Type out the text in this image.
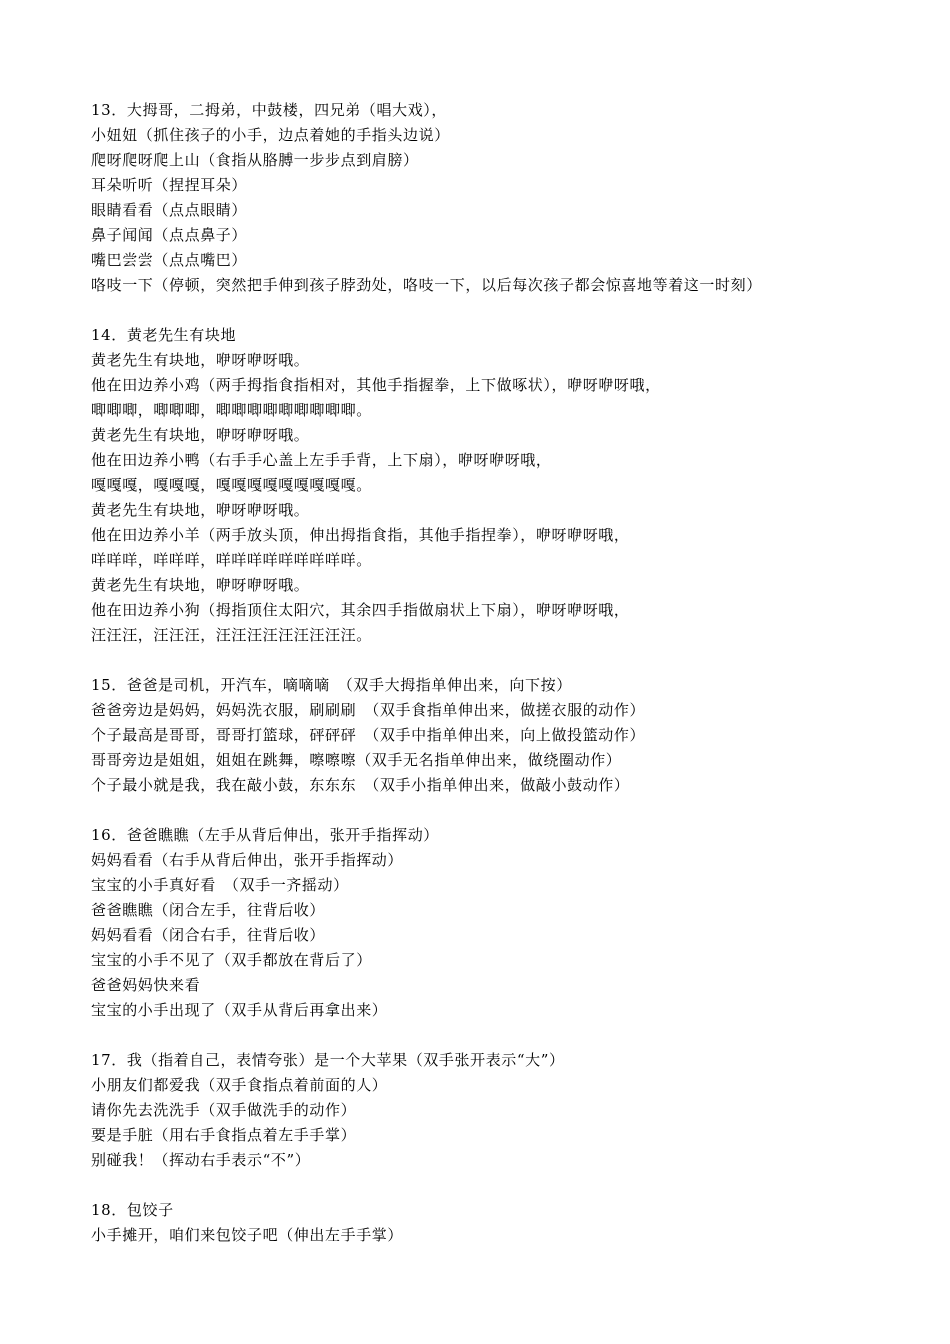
13．大拇哥，二拇弟，中鼓楼，四兄弟（唱大戏），
小妞妞（抓住孩子的小手，边点着她的手指头边说）
爬呀爬呀爬上山（食指从胳膊一步步点到肩膀）
耳朵听听（捏捏耳朵）
眼睛看看（点点眼睛）
鼻子闻闻（点点鼻子）
嘴巴尝尝（点点嘴巴）
咯吱一下（停顿，突然把手伸到孩子脖劲处，咯吱一下，以后每次孩子都会惊喜地等着这一时刻）
14．黄老先生有块地
黄老先生有块地，咿呀咿呀哦。
他在田边养小鸡（两手拇指食指相对，其他手指握拳，上下做啄状），咿呀咿呀哦，
唧唧唧，唧唧唧，唧唧唧唧唧唧唧唧唧。
黄老先生有块地，咿呀咿呀哦。
他在田边养小鸭（右手手心盖上左手手背，上下扇），咿呀咿呀哦，
嘎嘎嘎，嘎嘎嘎，嘎嘎嘎嘎嘎嘎嘎嘎嘎。
黄老先生有块地，咿呀咿呀哦。
他在田边养小羊（两手放头顶，伸出拇指食指，其他手指捏拳），咿呀咿呀哦，
咩咩咩，咩咩咩，咩咩咩咩咩咩咩咩咩。
黄老先生有块地，咿呀咿呀哦。
他在田边养小狗（拇指顶住太阳穴，其余四手指做扇状上下扇），咿呀咿呀哦，
汪汪汪，汪汪汪，汪汪汪汪汪汪汪汪汪。
15．爸爸是司机，开汽车，嘀嘀嘀　（双手大拇指单伸出来，向下按）
爸爸旁边是妈妈，妈妈洗衣服，刷刷刷　（双手食指单伸出来，做搓衣服的动作）
个子最高是哥哥，哥哥打篮球，砰砰砰　（双手中指单伸出来，向上做投篮动作）
哥哥旁边是姐姐，姐姐在跳舞，嚓嚓嚓（双手无名指单伸出来，做绕圈动作）
个子最小就是我，我在敲小鼓，东东东　（双手小指单伸出来，做敲小鼓动作）
16．爸爸瞧瞧（左手从背后伸出，张开手指挥动）
妈妈看看（右手从背后伸出，张开手指挥动）
宝宝的小手真好看　（双手一齐摇动）
爸爸瞧瞧（闭合左手，往背后收）
妈妈看看（闭合右手，往背后收）
宝宝的小手不见了（双手都放在背后了）
爸爸妈妈快来看
宝宝的小手出现了（双手从背后再拿出来）
17．我（指着自己，表情夸张）是一个大苹果（双手张开表示“大”）
小朋友们都爱我（双手食指点着前面的人）
请你先去洗洗手（双手做洗手的动作）
要是手脏（用右手食指点着左手手掌）
别碰我！（挥动右手表示“不”）
18．包饺子
小手摊开，咱们来包饺子吧（伸出左手手掌）
